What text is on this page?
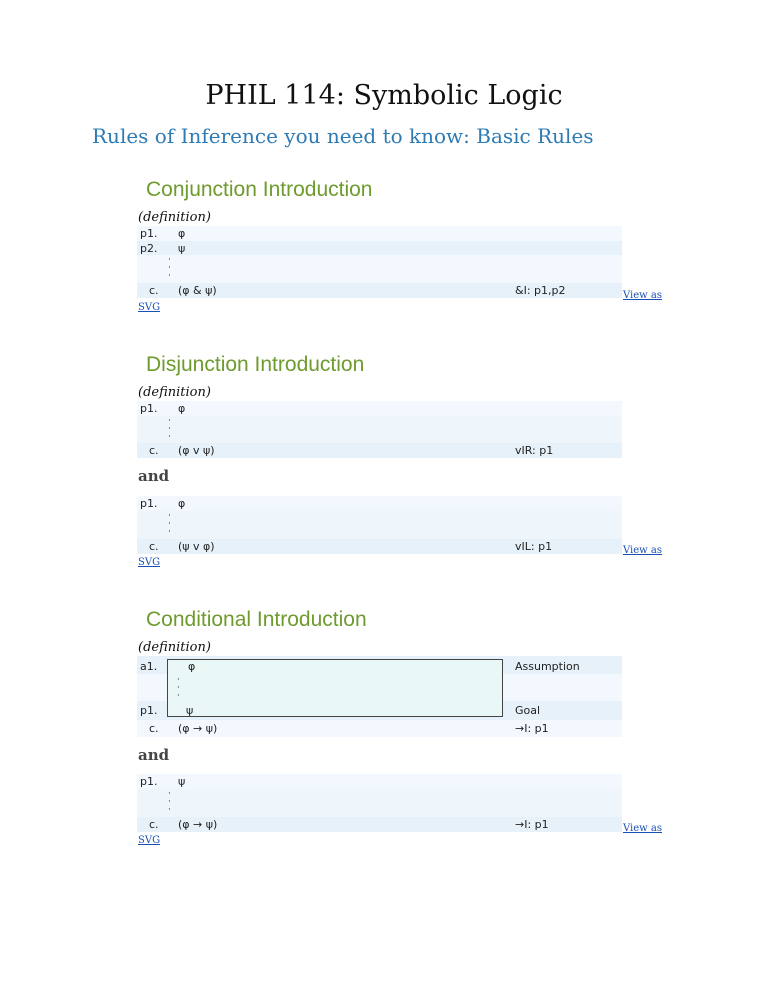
PHIL 114: Symbolic Logic
Rules of Inference you need to know: Basic Rules
Conjunction Introduction
(definition)
p1. φ
p2. ψ
·
·
·
c. (φ & ψ)	&I: p1,p2	View as
SVG
Disjunction Introduction
(definition)
p1. φ
·
·
·
c. (φ v ψ)	vIR: p1
and
p1. φ
·
·
·
c. (ψ v φ)	vIL: p1	View as
SVG
Conditional Introduction
(definition)
a1.	φ	Assumption
·
·
·
p1.	ψ	Goal
c. (φ → ψ)	→I: p1
and
p1. ψ
·
·
·
c. (φ → ψ)	→I: p1	View as
SVG
